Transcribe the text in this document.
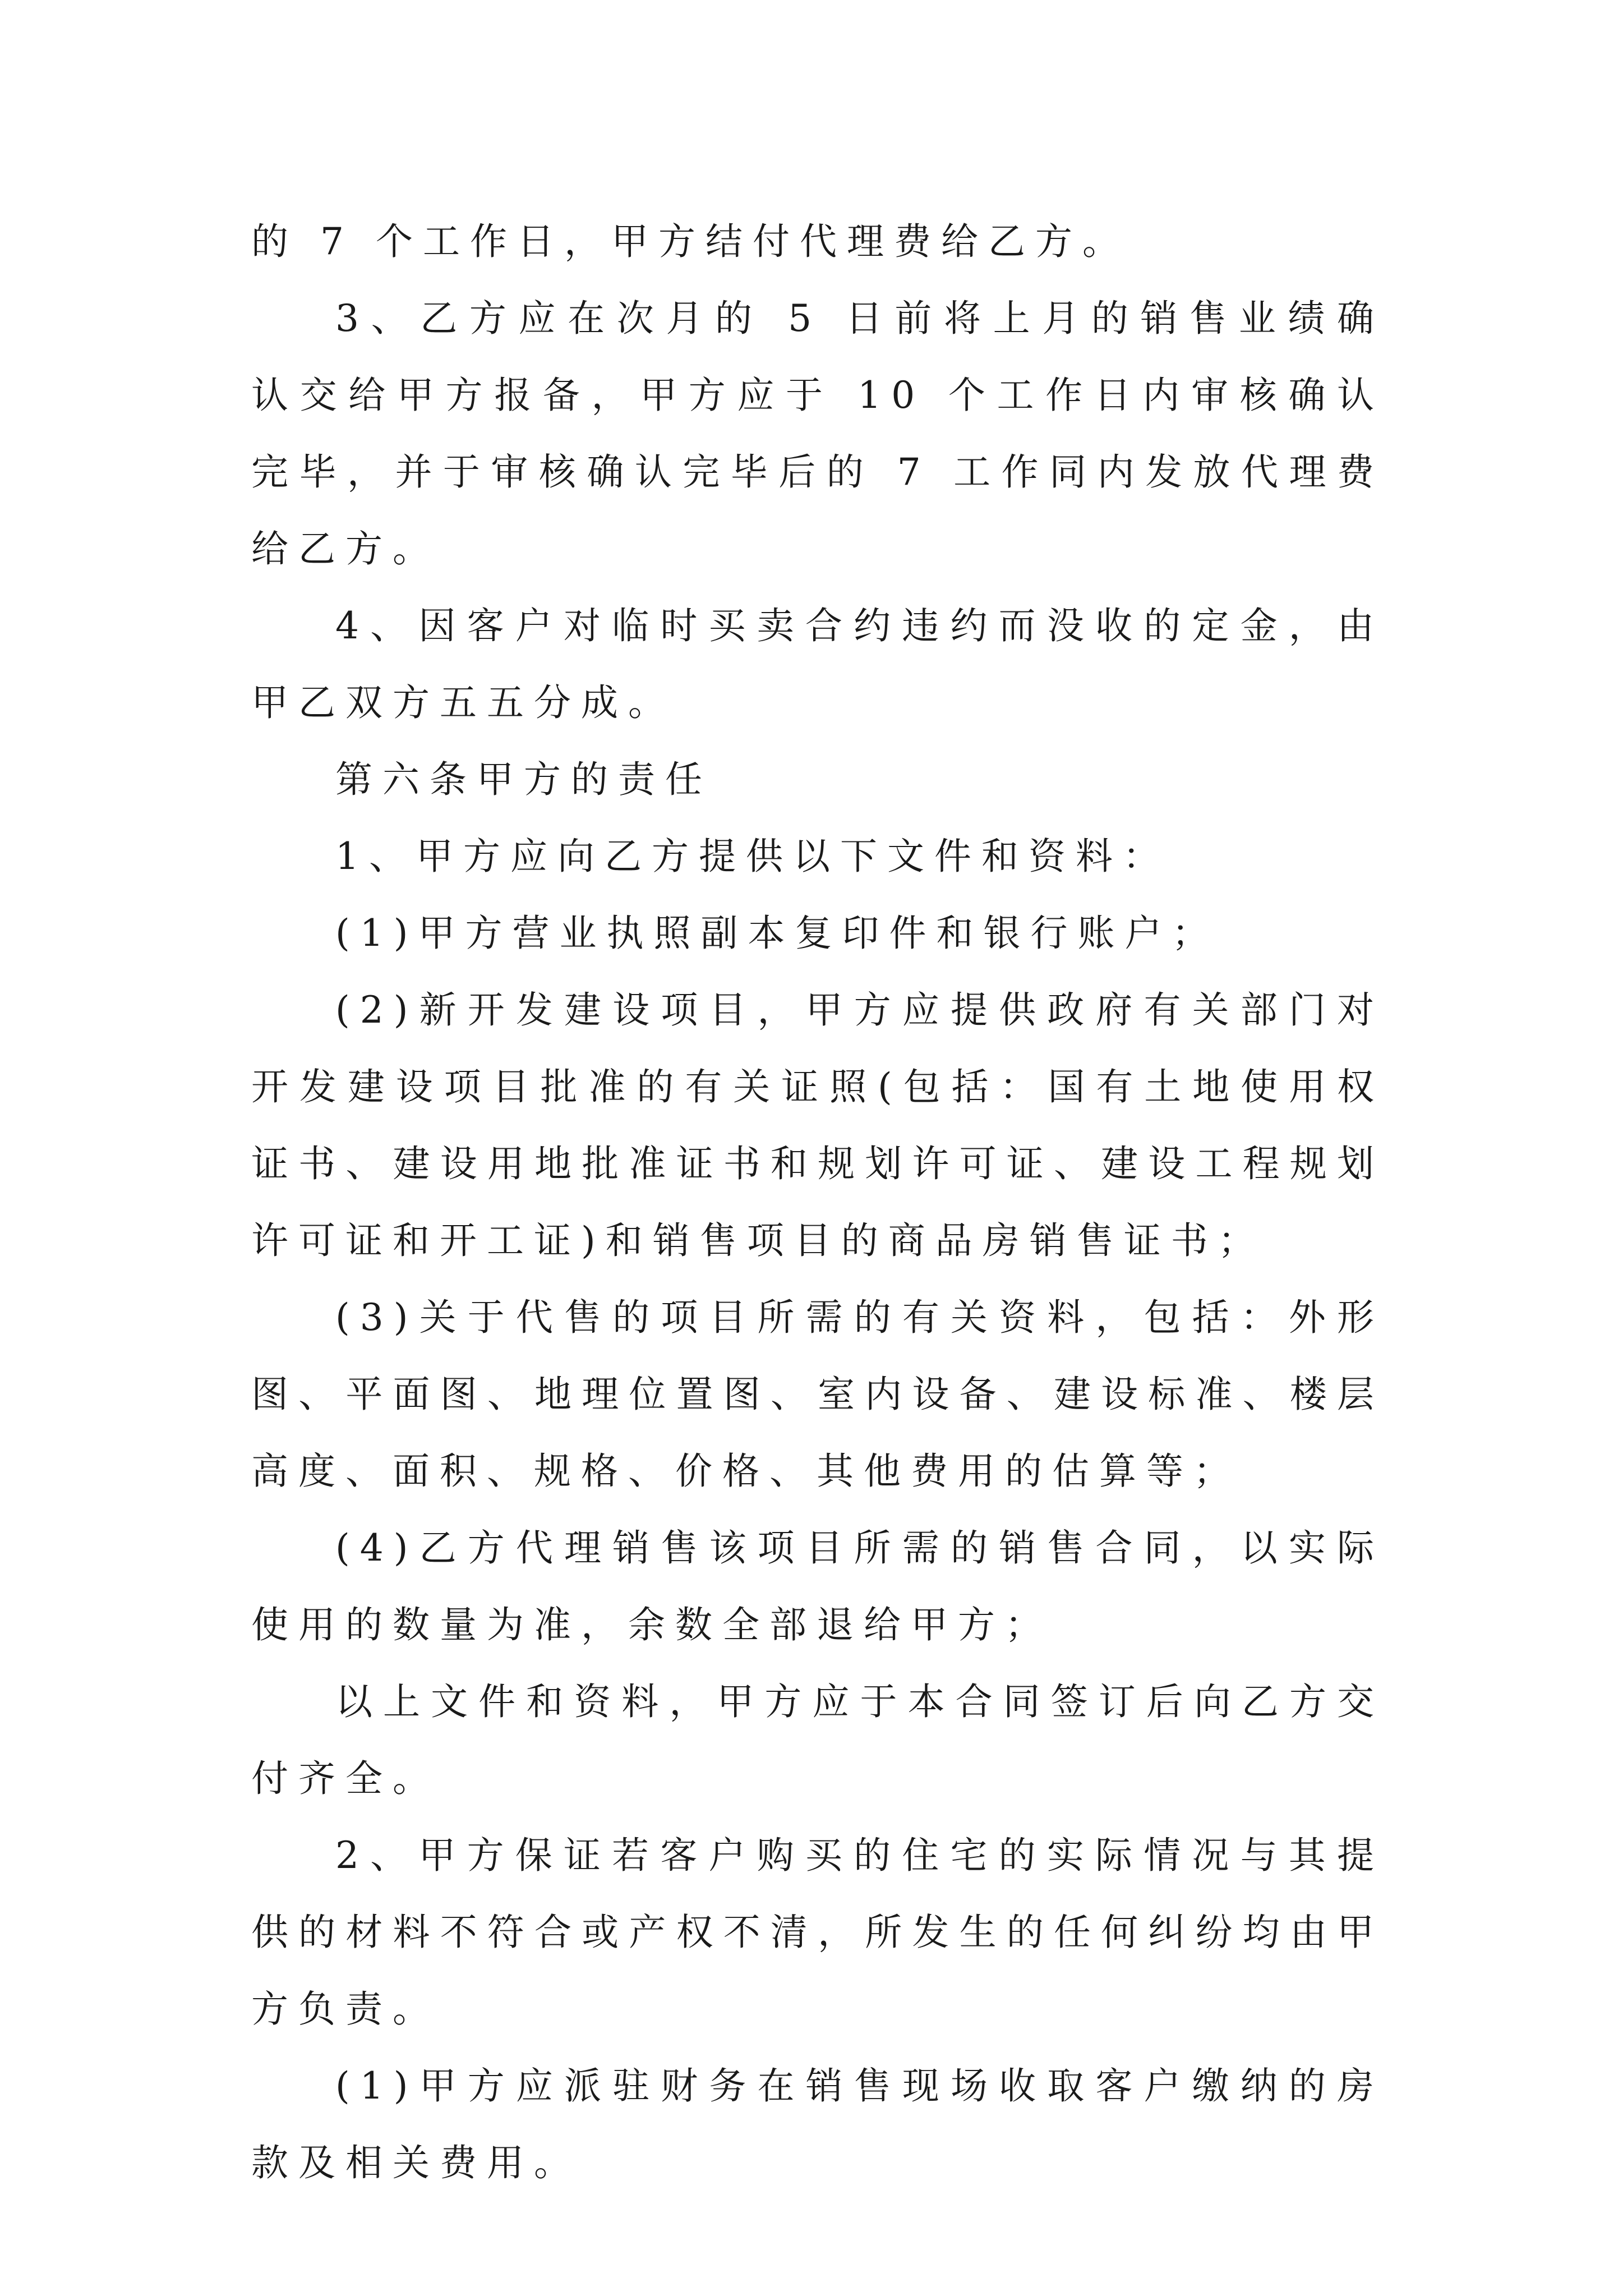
的 7 个工作日，甲方结付代理费给乙方。

3、乙方应在次月的 5 日前将上月的销售业绩确认交给甲方报备，甲方应于 10 个工作日内审核确认完毕，并于审核确认完毕后的 7 工作同内发放代理费给乙方。

4、因客户对临时买卖合约违约而没收的定金，由甲乙双方五五分成。

第六条甲方的责任

1、甲方应向乙方提供以下文件和资料：

(1)甲方营业执照副本复印件和银行账户；

(2)新开发建设项目，甲方应提供政府有关部门对开发建设项目批准的有关证照(包括：国有土地使用权证书、建设用地批准证书和规划许可证、建设工程规划许可证和开工证)和销售项目的商品房销售证书；

(3)关于代售的项目所需的有关资料，包括：外形图、平面图、地理位置图、室内设备、建设标准、楼层高度、面积、规格、价格、其他费用的估算等；

(4)乙方代理销售该项目所需的销售合同，以实际使用的数量为准，余数全部退给甲方；

以上文件和资料，甲方应于本合同签订后向乙方交付齐全。

2、甲方保证若客户购买的住宅的实际情况与其提供的材料不符合或产权不清，所发生的任何纠纷均由甲方负责。

(1)甲方应派驻财务在销售现场收取客户缴纳的房款及相关费用。
